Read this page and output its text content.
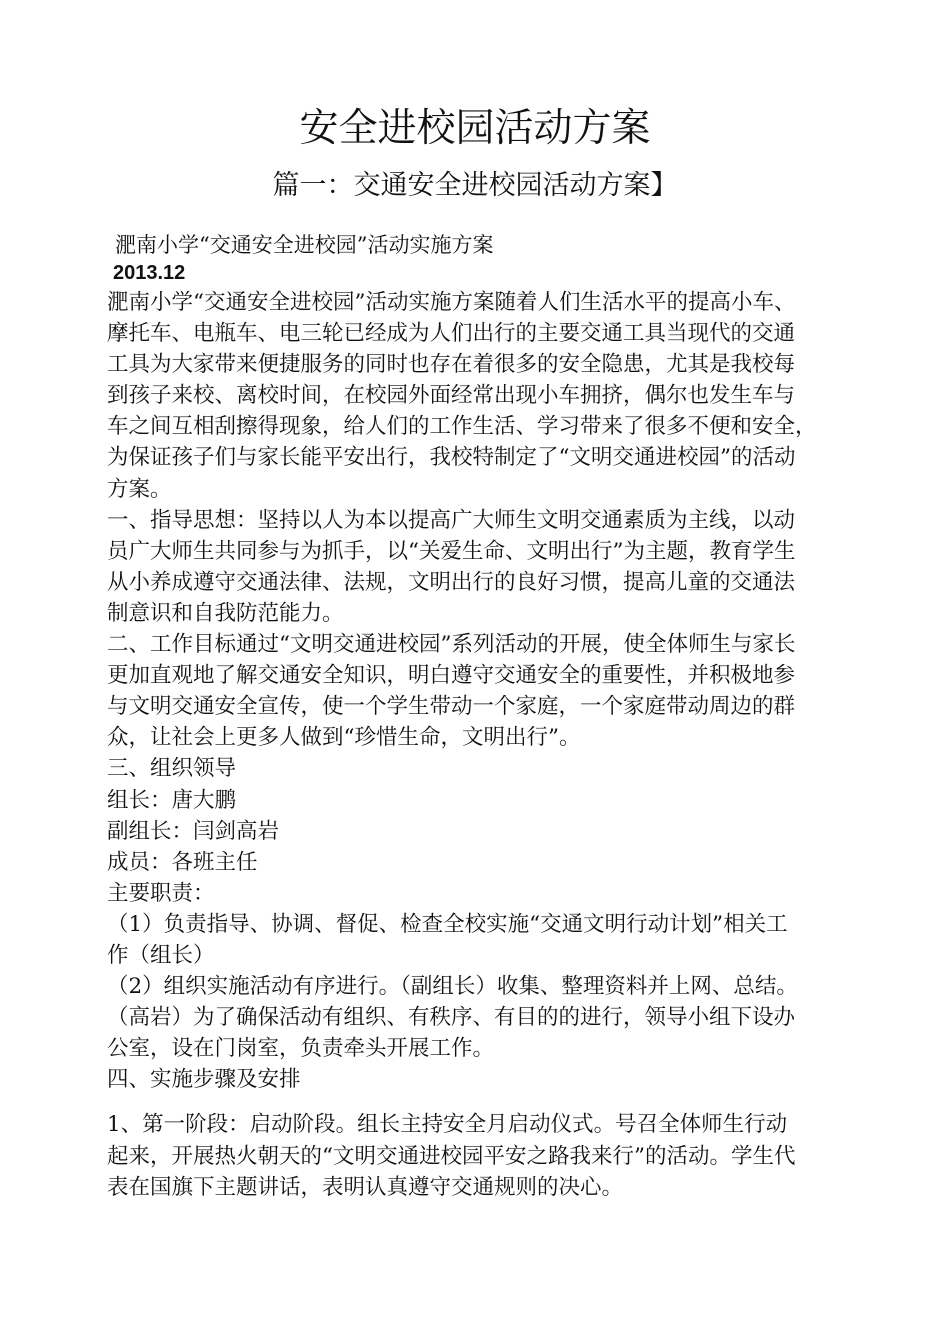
安全进校园活动方案
篇一：交通安全进校园活动方案】
淝南小学“交通安全进校园”活动实施方案
2013.12

淝南小学“交通安全进校园”活动实施方案随着人们生活水平的提高小车、
摩托车、电瓶车、电三轮已经成为人们出行的主要交通工具当现代的交通
工具为大家带来便捷服务的同时也存在着很多的安全隐患，尤其是我校每
到孩子来校、离校时间，在校园外面经常出现小车拥挤，偶尔也发生车与
车之间互相刮擦得现象，给人们的工作生活、学习带来了很多不便和安全，
为保证孩子们与家长能平安出行，我校特制定了“文明交通进校园”的活动
方案。

一、指导思想：坚持以人为本以提高广大师生文明交通素质为主线，以动
员广大师生共同参与为抓手，以“关爱生命、文明出行”为主题，教育学生
从小养成遵守交通法律、法规，文明出行的良好习惯，提高儿童的交通法
制意识和自我防范能力。

二、工作目标通过“文明交通进校园”系列活动的开展，使全体师生与家长
更加直观地了解交通安全知识，明白遵守交通安全的重要性，并积极地参
与文明交通安全宣传，使一个学生带动一个家庭，一个家庭带动周边的群
众，让社会上更多人做到“珍惜生命，文明出行”。

三、组织领导

组长：唐大鹏

副组长：闫剑高岩

成员：各班主任

主要职责：

（1）负责指导、协调、督促、检查全校实施“交通文明行动计划”相关工
作（组长）

（2）组织实施活动有序进行。（副组长）收集、整理资料并上网、总结。
（高岩）为了确保活动有组织、有秩序、有目的的进行，领导小组下设办
公室，设在门岗室，负责牵头开展工作。

四、实施步骤及安排

1、第一阶段：启动阶段。组长主持安全月启动仪式。号召全体师生行动
起来，开展热火朝天的“文明交通进校园平安之路我来行”的活动。学生代
表在国旗下主题讲话，表明认真遵守交通规则的决心。
